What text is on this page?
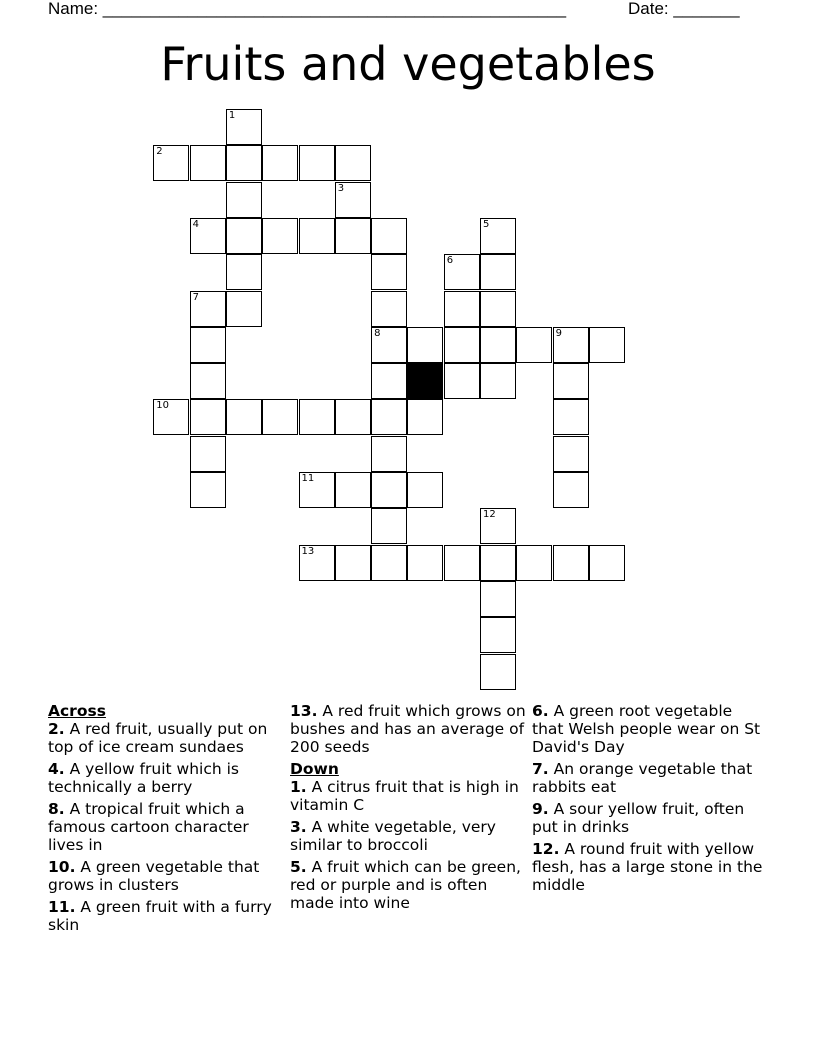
Name: _________________________________________________	Date: _______
Fruits and vegetables
1
2
3
4	5
6
7
8	9
10
11
12
13
Across
2. A red fruit, usually put on top of ice cream sundaes
4. A yellow fruit which is technically a berry
8. A tropical fruit which a famous cartoon character lives in
10. A green vegetable that grows in clusters
11. A green fruit with a furry skin
13. A red fruit which grows on bushes and has an average of 200 seeds
Down
1. A citrus fruit that is high in vitamin C
3. A white vegetable, very similar to broccoli
5. A fruit which can be green, red or purple and is often made into wine
6. A green root vegetable that Welsh people wear on St David's Day
7. An orange vegetable that rabbits eat
9. A sour yellow fruit, often put in drinks
12. A round fruit with yellow flesh, has a large stone in the middle
